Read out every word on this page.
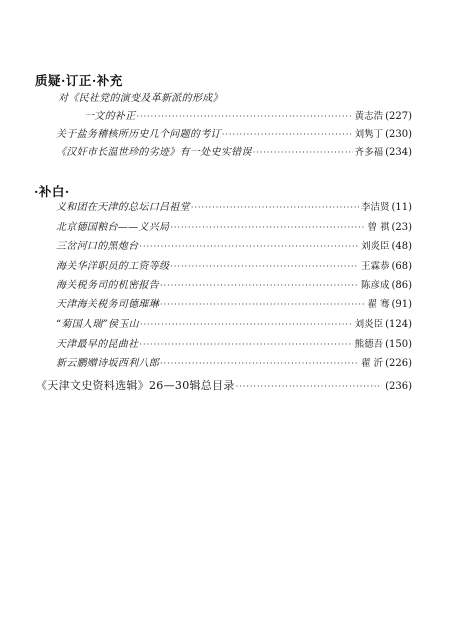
质疑·订正·补充
对《民社党的演变及革新派的形成》
一文的补正 ·····	黄志浩 (227)
关于盐务稽核所历史几个问题的考订 ·····	刘隽丁 (230)
《汉奸市长温世珍的劣迹》有一处史实错误 ·····	齐多福 (234)
·补白·
义和团在天津的总坛口吕祖堂 ·····	李洁贤 (11)
北京德国粮台——义兴局 ·····	曾 祺 (23)
三岔河口的黑炮台 ·····	刘炎臣 (48)
海关华洋职员的工资等级 ·····	王霖恭 (68)
海关税务司的机密报告 ·····	陈彦成 (86)
天津海关税务司德璀琳 ·····	翟 骞 (91)
“菊国人瑞”侯玉山 ·····	刘炎臣 (124)
天津最早的昆曲社 ·····	熊德吾 (150)
新云鹏赠诗坂西利八郎 ·····	翟 沂 (226)
《天津文史资料选辑》26—30辑总目录 ·····	(236)
